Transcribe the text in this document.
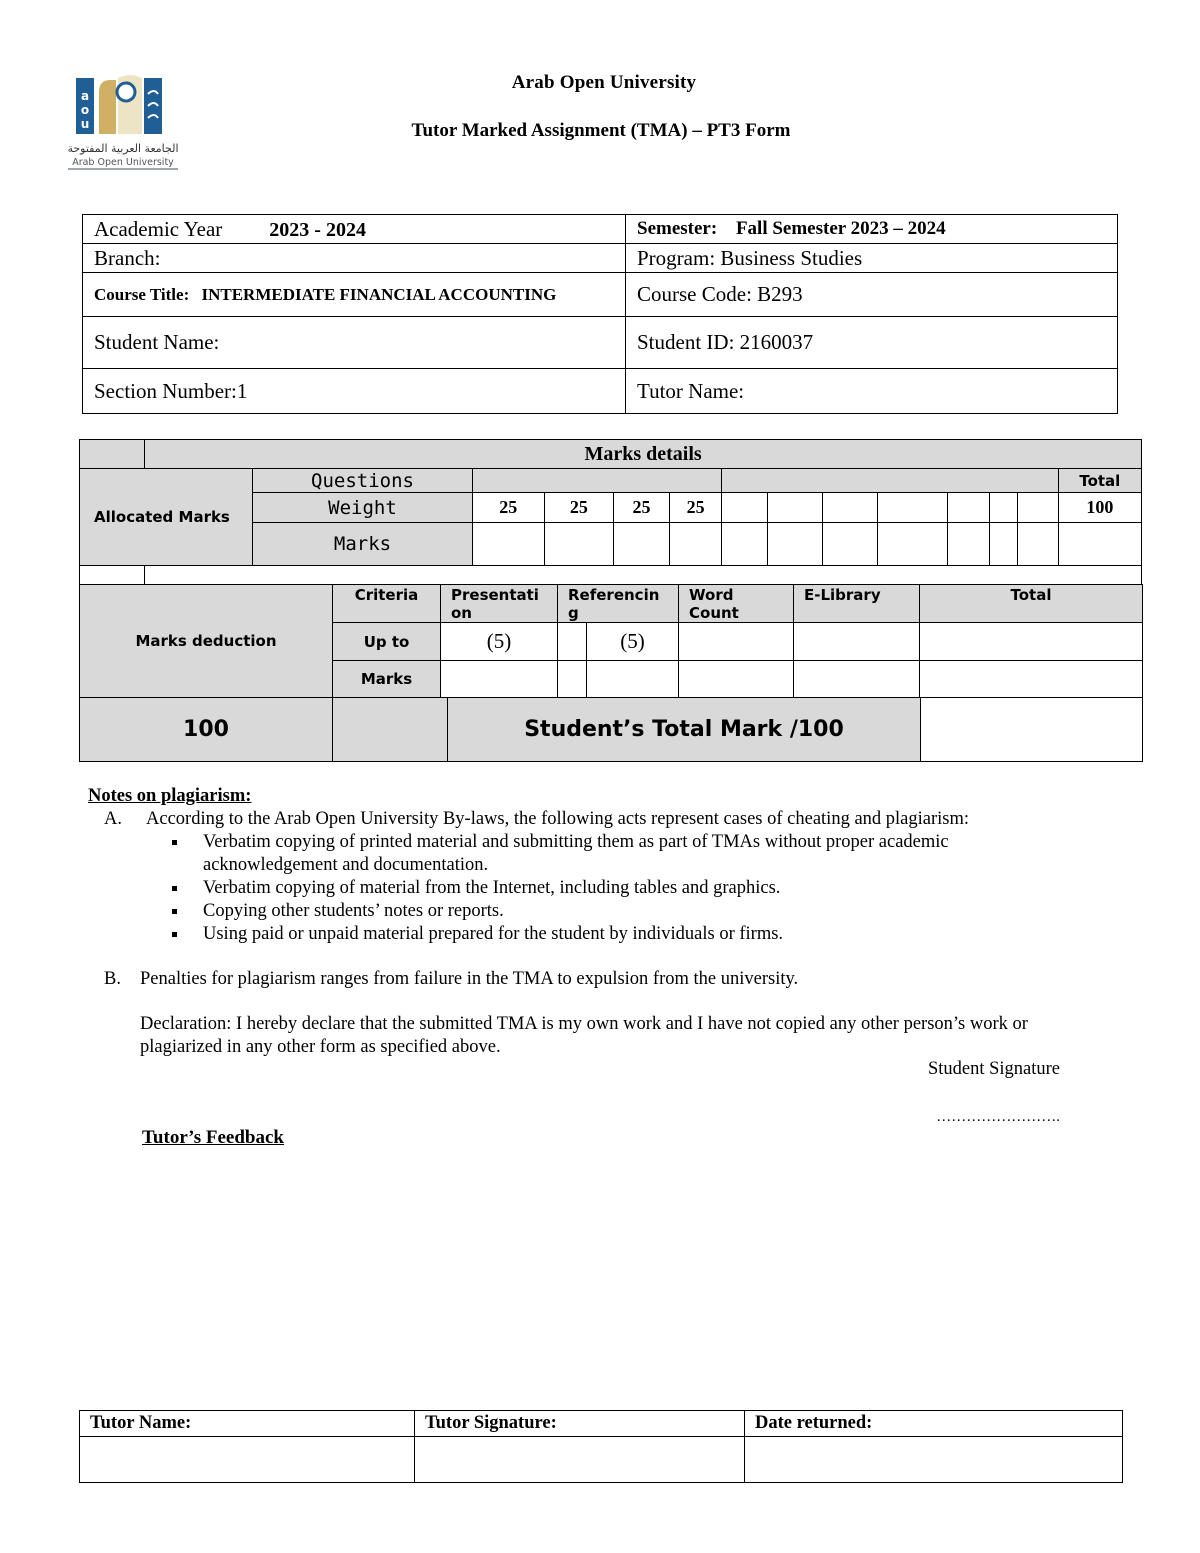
a
o
u
الجامعة العربية المفتوحة
Arab Open University
Arab Open University
Tutor Marked Assignment (TMA) – PT3 Form
Academic Year 2023 - 2024	Semester: Fall Semester 2023 – 2024
Branch:	Program: Business Studies
Course Title: INTERMEDIATE FINANCIAL ACCOUNTING	Course Code: B293
Student Name:	Student ID: 2160037
Section Number:1	Tutor Name:
	Marks details													
Allocated Marks		Questions												Total
		Weight	25	25	25	25								100
		Marks												

Marks deduction	Criteria	Presentati on	Referencin g		Word Count	E-Library	Total
	Up to	(5)		(5)			
	Marks						
100		Student’s Total Mark /100	
Notes on plagiarism:
A. According to the Arab Open University By-laws, the following acts represent cases of cheating and plagiarism:
Verbatim copying of printed material and submitting them as part of TMAs without proper academic acknowledgement and documentation.
Verbatim copying of material from the Internet, including tables and graphics.
Copying other students’ notes or reports.
Using paid or unpaid material prepared for the student by individuals or firms.
B. Penalties for plagiarism ranges from failure in the TMA to expulsion from the university.
Declaration: I hereby declare that the submitted TMA is my own work and I have not copied any other person’s work or plagiarized in any other form as specified above.
Student Signature
…………………….
Tutor’s Feedback
Tutor Name:	Tutor Signature:	Date returned:
